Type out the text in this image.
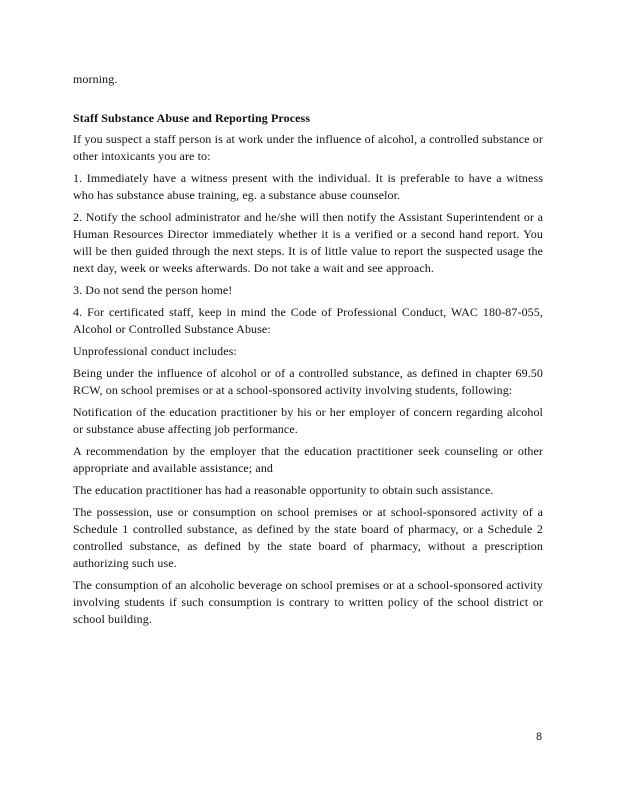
morning.

Staff Substance Abuse and Reporting Process

If you suspect a staff person is at work under the influence of alcohol, a controlled substance or other intoxicants you are to:

1. Immediately have a witness present with the individual. It is preferable to have a witness who has substance abuse training, eg. a substance abuse counselor.

2. Notify the school administrator and he/she will then notify the Assistant Superintendent or a Human Resources Director immediately whether it is a verified or a second hand report. You will be then guided through the next steps. It is of little value to report the suspected usage the next day, week or weeks afterwards. Do not take a wait and see approach.

3. Do not send the person home!

4. For certificated staff, keep in mind the Code of Professional Conduct, WAC 180-87-055, Alcohol or Controlled Substance Abuse:

Unprofessional conduct includes:

Being under the influence of alcohol or of a controlled substance, as defined in chapter 69.50 RCW, on school premises or at a school-sponsored activity involving students, following:

Notification of the education practitioner by his or her employer of concern regarding alcohol or substance abuse affecting job performance.

A recommendation by the employer that the education practitioner seek counseling or other appropriate and available assistance; and

The education practitioner has had a reasonable opportunity to obtain such assistance.

The possession, use or consumption on school premises or at school-sponsored activity of a Schedule 1 controlled substance, as defined by the state board of pharmacy, or a Schedule 2 controlled substance, as defined by the state board of pharmacy, without a prescription authorizing such use.

The consumption of an alcoholic beverage on school premises or at a school-sponsored activity involving students if such consumption is contrary to written policy of the school district or school building.

8
